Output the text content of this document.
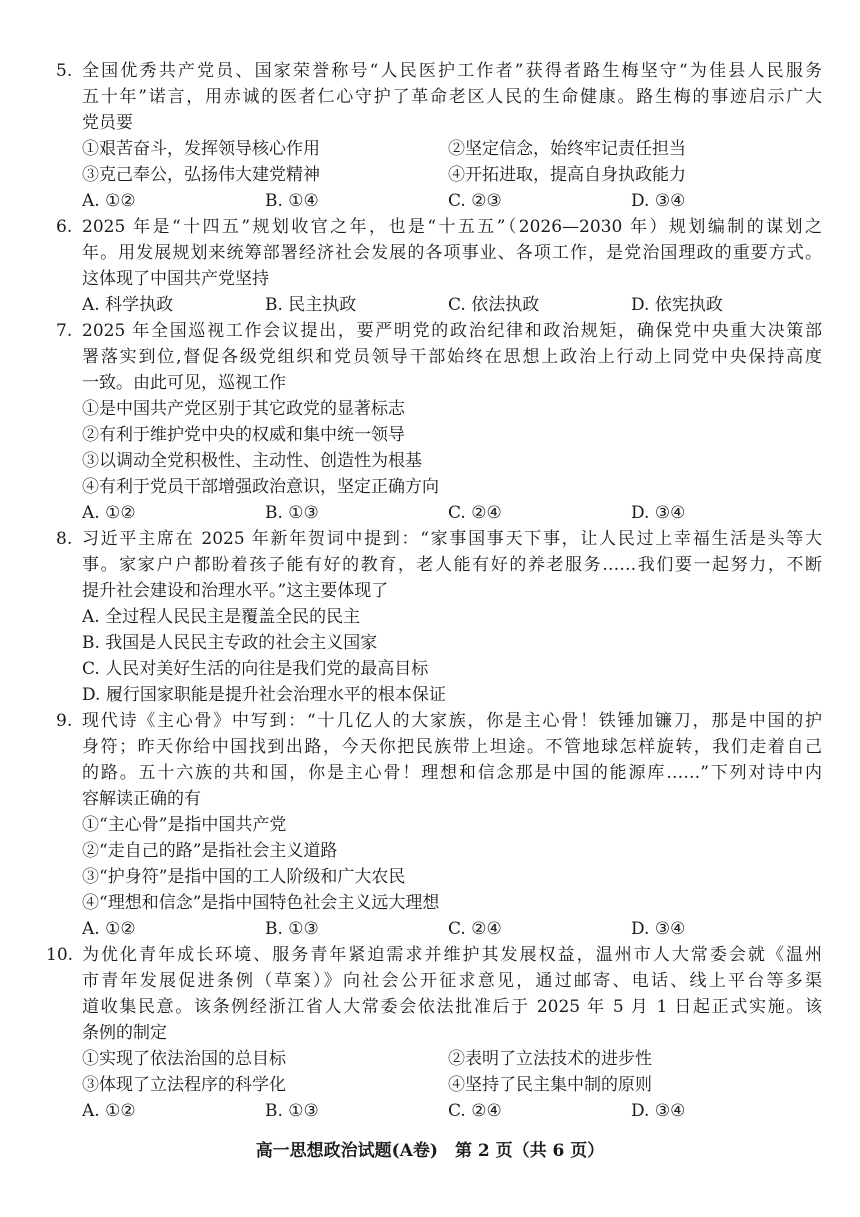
5. 全国优秀共产党员、国家荣誉称号“人民医护工作者”获得者路生梅坚守“为佳县人民服务
五十年”诺言，用赤诚的医者仁心守护了革命老区人民的生命健康。路生梅的事迹启示广大
党员要
①艰苦奋斗，发挥领导核心作用	②坚定信念，始终牢记责任担当
③克己奉公，弘扬伟大建党精神	④开拓进取，提高自身执政能力
A. ①②	B. ①④	C. ②③	D. ③④
6. 2025 年是“十四五”规划收官之年，也是“十五五”（2026—2030 年）规划编制的谋划之
年。用发展规划来统筹部署经济社会发展的各项事业、各项工作，是党治国理政的重要方式。
这体现了中国共产党坚持
A. 科学执政	B. 民主执政	C. 依法执政	D. 依宪执政
7. 2025 年全国巡视工作会议提出，要严明党的政治纪律和政治规矩，确保党中央重大决策部
署落实到位,督促各级党组织和党员领导干部始终在思想上政治上行动上同党中央保持高度
一致。由此可见，巡视工作
①是中国共产党区别于其它政党的显著标志
②有利于维护党中央的权威和集中统一领导
③以调动全党积极性、主动性、创造性为根基
④有利于党员干部增强政治意识，坚定正确方向
A. ①②	B. ①③	C. ②④	D. ③④
8. 习近平主席在 2025 年新年贺词中提到：“家事国事天下事，让人民过上幸福生活是头等大
事。家家户户都盼着孩子能有好的教育，老人能有好的养老服务……我们要一起努力，不断
提升社会建设和治理水平。”这主要体现了
A. 全过程人民民主是覆盖全民的民主
B. 我国是人民民主专政的社会主义国家
C. 人民对美好生活的向往是我们党的最高目标
D. 履行国家职能是提升社会治理水平的根本保证
9. 现代诗《主心骨》中写到：“十几亿人的大家族，你是主心骨！铁锤加镰刀，那是中国的护
身符；昨天你给中国找到出路，今天你把民族带上坦途。不管地球怎样旋转，我们走着自己
的路。五十六族的共和国，你是主心骨！理想和信念那是中国的能源库……”下列对诗中内
容解读正确的有
①“主心骨”是指中国共产党
②“走自己的路”是指社会主义道路
③“护身符”是指中国的工人阶级和广大农民
④“理想和信念”是指中国特色社会主义远大理想
A. ①②	B. ①③	C. ②④	D. ③④
10. 为优化青年成长环境、服务青年紧迫需求并维护其发展权益，温州市人大常委会就《温州
市青年发展促进条例（草案）》向社会公开征求意见，通过邮寄、电话、线上平台等多渠
道收集民意。该条例经浙江省人大常委会依法批准后于 2025 年 5 月 1 日起正式实施。该
条例的制定
①实现了依法治国的总目标	②表明了立法技术的进步性
③体现了立法程序的科学化	④坚持了民主集中制的原则
A. ①②	B. ①③	C. ②④	D. ③④
高一思想政治试题(A卷)　第 2 页（共 6 页）
